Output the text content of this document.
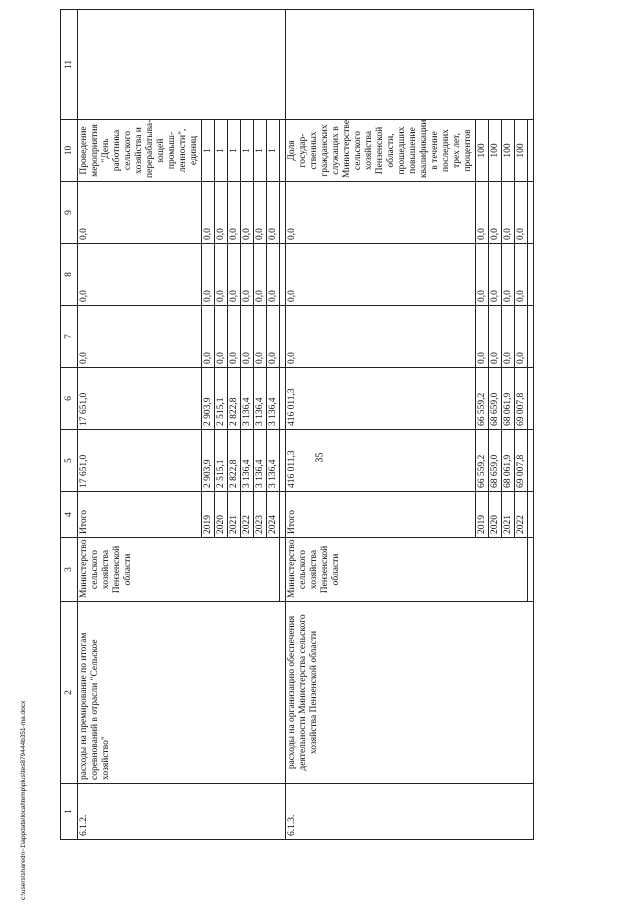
35
1	2	3	4	5	6	7	8	9	10	11
6.1.2.	расходы на премирование по итогам соревнований в отрасли "Сельское хозяйство"	Министерство сельского хозяйства Пензенской области	Итого	17 651,0	17 651,0	0,0	0,0	0,0	Проведение мероприятия "День работника сельского хозяйства и перерабатыва-ющей промыш-ленности", единиц	
			2019	2 903,9	2 903,9	0,0	0,0	0,0	1	
			2020	2 515,1	2 515,1	0,0	0,0	0,0	1	
			2021	2 822,8	2 822,8	0,0	0,0	0,0	1	
			2022	3 136,4	3 136,4	0,0	0,0	0,0	1	
			2023	3 136,4	3 136,4	0,0	0,0	0,0	1	
			2024	3 136,4	3 136,4	0,0	0,0	0,0	1	

6.1.3.	расходы на организацию обеспечения деятельности Министерства сельского хозяйства Пензенской области	Министерство сельского хозяйства Пензенской области	Итого	416 011,3	416 011,3	0,0	0,0	0,0	Доля государ-ственных гражданских служащих в Министерстве сельского хозяйства Пензенской области, прошедших повышение квалификации в течение последних трех лет, процентов	
			2019	66 559,2	66 559,2	0,0	0,0	0,0	100	
			2020	68 659,0	68 659,0	0,0	0,0	0,0	100	
			2021	68 061,9	68 061,9	0,0	0,0	0,0	100	
			2022	69 007,8	69 007,8	0,0	0,0	0,0	100	

c:\users\sharedn~1\appdata\local\temp\plus\tes879444b351-ma.docx
